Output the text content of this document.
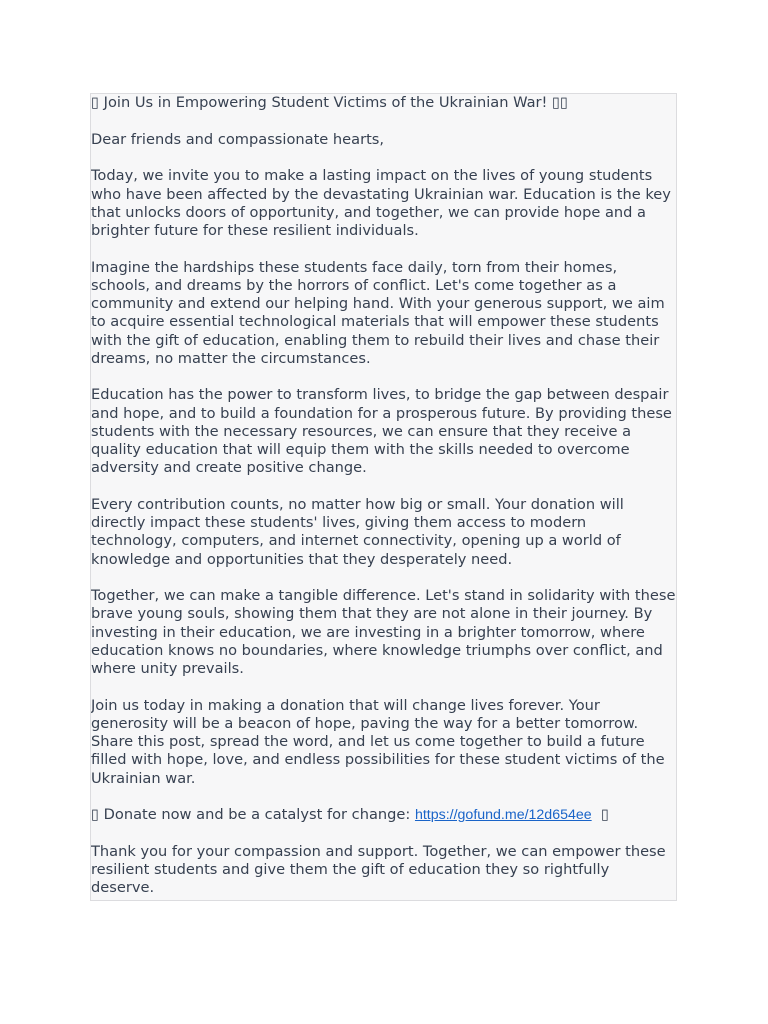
▯ Join Us in Empowering Student Victims of the Ukrainian War! ▯▯

Dear friends and compassionate hearts,

Today, we invite you to make a lasting impact on the lives of young students who have been affected by the devastating Ukrainian war. Education is the key that unlocks doors of opportunity, and together, we can provide hope and a brighter future for these resilient individuals.

Imagine the hardships these students face daily, torn from their homes, schools, and dreams by the horrors of conflict. Let's come together as a community and extend our helping hand. With your generous support, we aim to acquire essential technological materials that will empower these students with the gift of education, enabling them to rebuild their lives and chase their dreams, no matter the circumstances.

Education has the power to transform lives, to bridge the gap between despair and hope, and to build a foundation for a prosperous future. By providing these students with the necessary resources, we can ensure that they receive a quality education that will equip them with the skills needed to overcome adversity and create positive change.

Every contribution counts, no matter how big or small. Your donation will directly impact these students' lives, giving them access to modern technology, computers, and internet connectivity, opening up a world of knowledge and opportunities that they desperately need.

Together, we can make a tangible difference. Let's stand in solidarity with these brave young souls, showing them that they are not alone in their journey. By investing in their education, we are investing in a brighter tomorrow, where education knows no boundaries, where knowledge triumphs over conflict, and where unity prevails.

Join us today in making a donation that will change lives forever. Your generosity will be a beacon of hope, paving the way for a better tomorrow. Share this post, spread the word, and let us come together to build a future filled with hope, love, and endless possibilities for these student victims of the Ukrainian war.

▯ Donate now and be a catalyst for change: https://gofund.me/12d654ee ▯

Thank you for your compassion and support. Together, we can empower these resilient students and give them the gift of education they so rightfully deserve.
